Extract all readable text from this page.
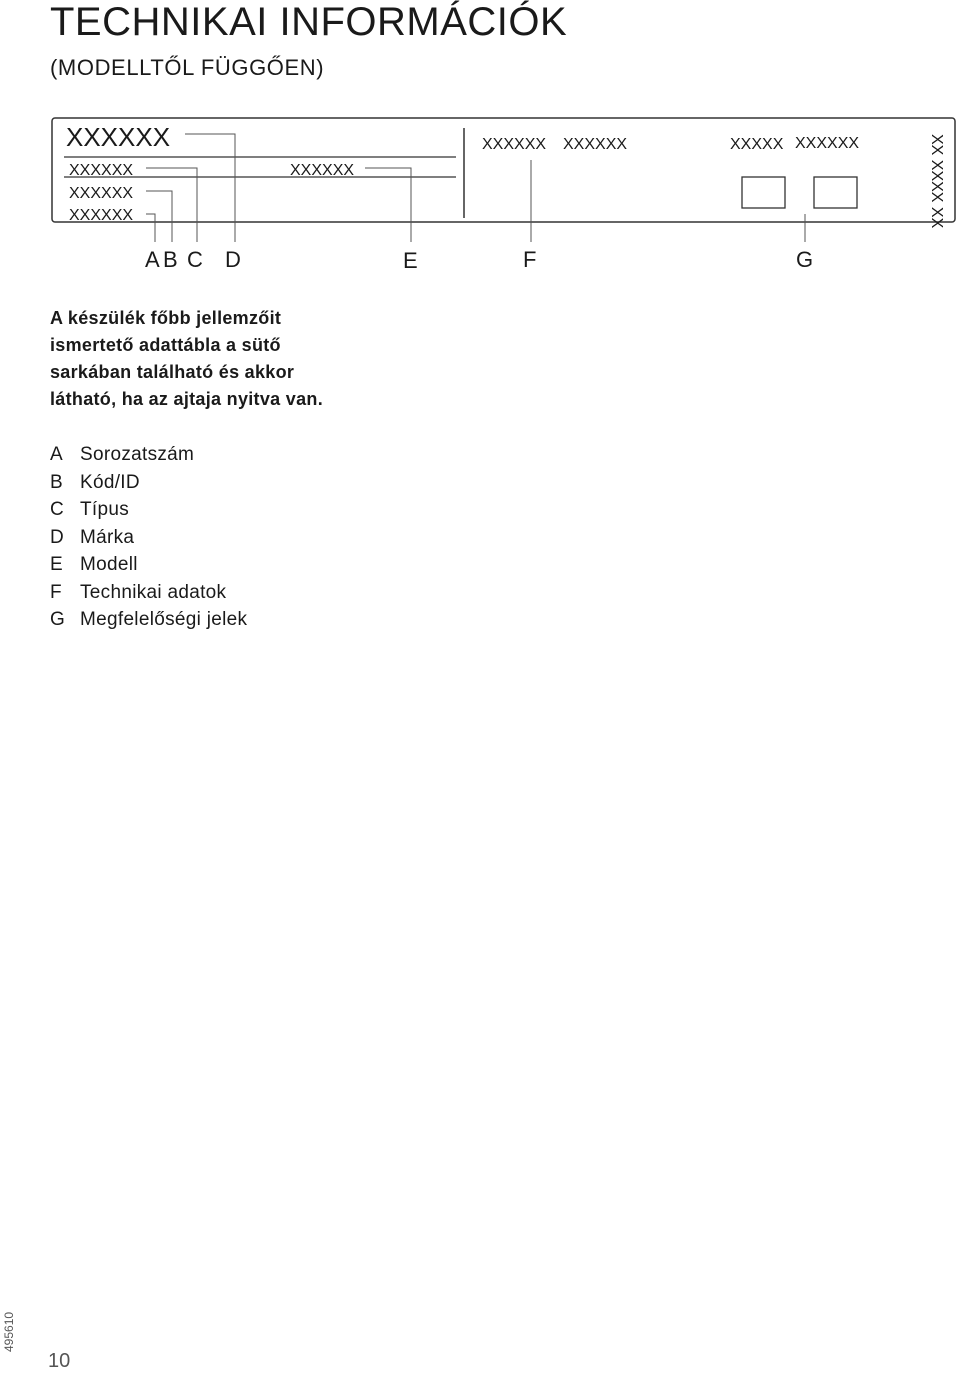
TECHNIKAI INFORMÁCIÓK
(MODELLTŐL FÜGGŐEN)
XXXXXX
XXXXXX
XXXXXX
XXXXXX
XXXXXX
XXXXXX XXXXXX	XXXXX XXXXXX	XX XXXX XX
A B C D	E	F	G
A készülék főbb jellemzőit
ismertető adattábla a sütő
sarkában található és akkor
látható, ha az ajtaja nyitva van.
A Sorozatszám
B Kód/ID
C Típus
D Márka
E Modell
F Technikai adatok
G Megfelelőségi jelek
495610
10
